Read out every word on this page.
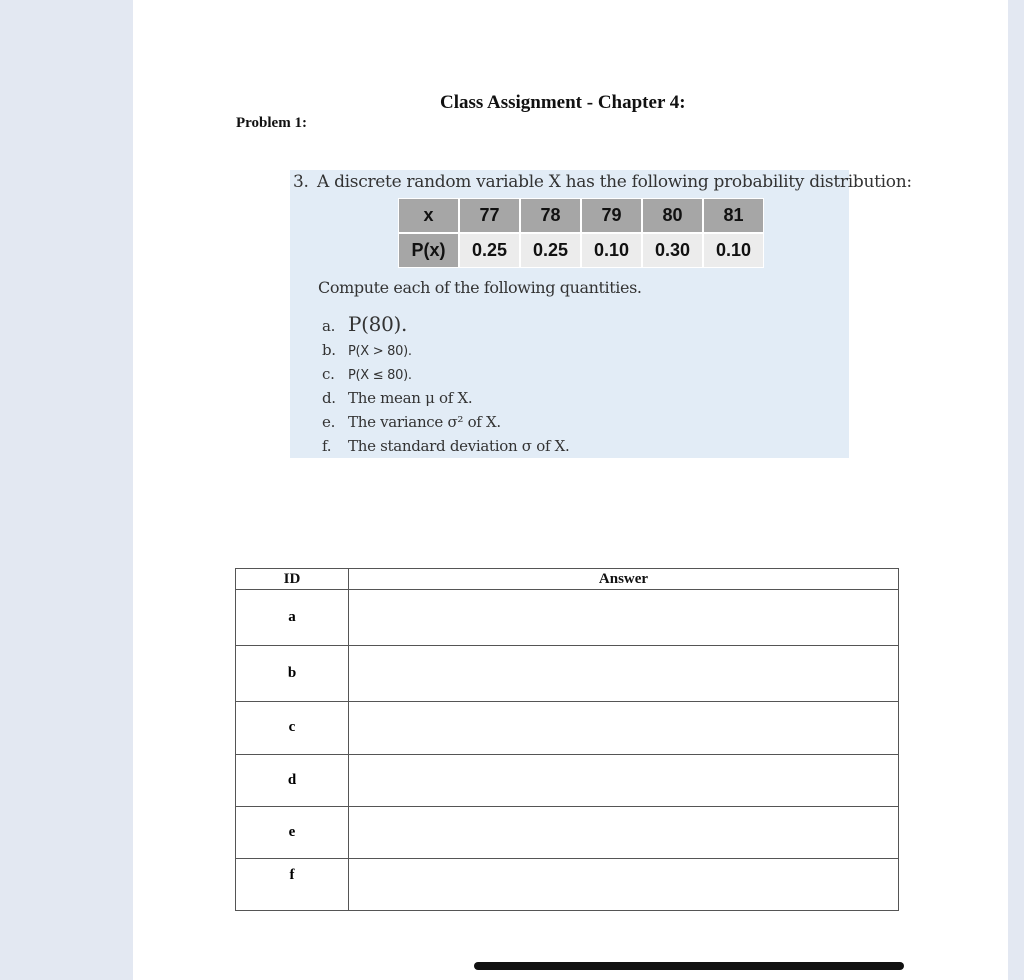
Class Assignment - Chapter 4:
Problem 1:
3. A discrete random variable X has the following probability distribution:
x	77	78	79	80	81
P(x)	0.25	0.25	0.10	0.30	0.10
Compute each of the following quantities.
a. P(80).
b. P(X > 80).
c. P(X ≤ 80).
d. The mean μ of X.
e. The variance σ² of X.
f. The standard deviation σ of X.
ID	Answer
a	
b	
c	
d	
e	
f	
